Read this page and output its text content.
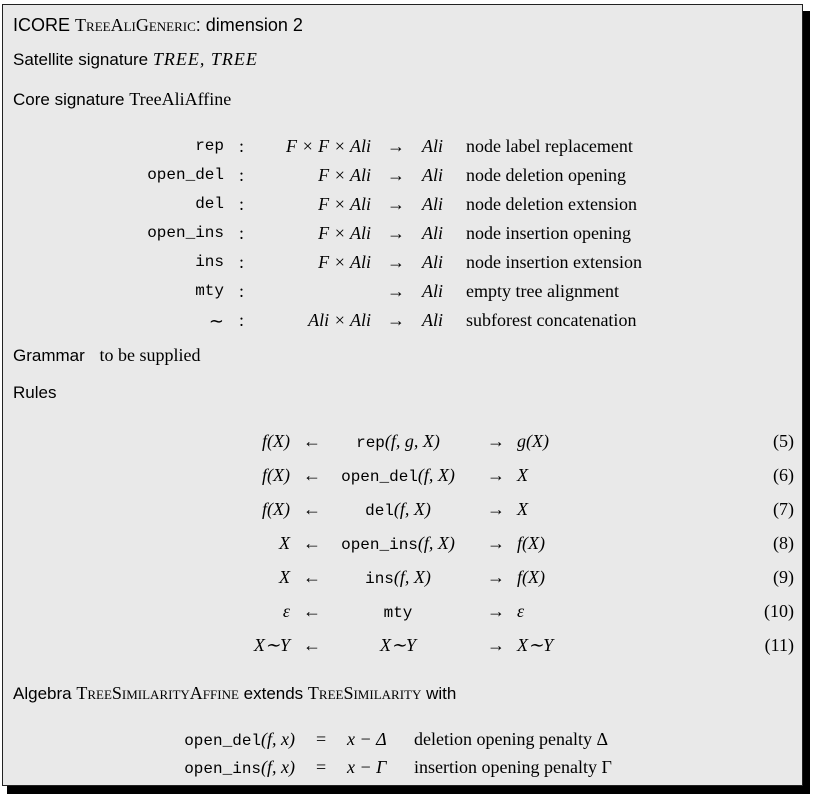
ICORE TreeAliGeneric: dimension 2
Satellite signature TREE, TREE
Core signature TreeAliAffine
rep : F × F × Ali → Ali node label replacement
open_del :	F × Ali → Ali node deletion opening
del :	F × Ali → Ali node deletion extension
open_ins :	F × Ali → Ali node insertion opening
ins :	F × Ali → Ali node insertion extension
mty :	→ Ali empty tree alignment
∼ :	Ali × Ali → Ali subforest concatenation
Grammar to be supplied
Rules
f(X) ←	rep(f, g, X)	→ g(X)	(5)
f(X) ←	open_del(f, X)	→ X	(6)
f(X) ←	del(f, X)	→ X	(7)
X ←	open_ins(f, X)	→ f(X)	(8)
X ←	ins(f, X)	→ f(X)	(9)
ε ←	mty	→ ε	(10)
X∼Y ←	X∼Y	→ X∼Y	(11)
Algebra TreeSimilarityAffine extends TreeSimilarity with
open_del(f, x) = x − Δ deletion opening penalty Δ
open_ins(f, x) = x − Γ insertion opening penalty Γ
